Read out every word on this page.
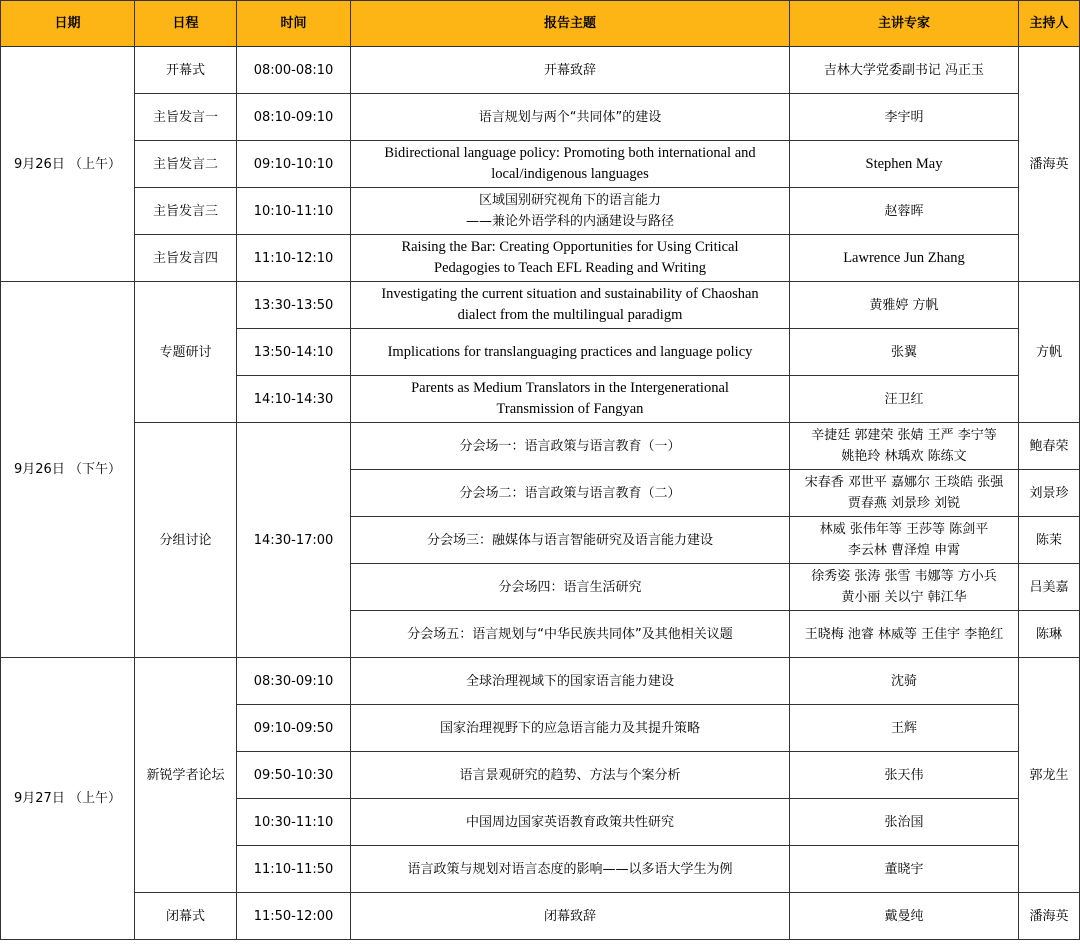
日期	日程	时间	报告主题	主讲专家	主持人
9月26日 （上午）	开幕式	08:00-08:10	开幕致辞	吉林大学党委副书记 冯正玉	潘海英
	主旨发言一	08:10-09:10	语言规划与两个“共同体”的建设	李宇明	
	主旨发言二	09:10-10:10	Bidirectional language policy: Promoting both international and
local/indigenous languages	Stephen May	
	主旨发言三	10:10-11:10	区域国别研究视角下的语言能力
——兼论外语学科的内涵建设与路径	赵蓉晖	
	主旨发言四	11:10-12:10	Raising the Bar: Creating Opportunities for Using Critical
Pedagogies to Teach EFL Reading and Writing	Lawrence Jun Zhang	
9月26日 （下午）	专题研讨	13:30-13:50	Investigating the current situation and sustainability of Chaoshan
dialect from the multilingual paradigm	黄雅婷 方帆	方帆
		13:50-14:10	Implications for translanguaging practices and language policy	张翼	
		14:10-14:30	Parents as Medium Translators in the Intergenerational
Transmission of Fangyan	汪卫红	
	分组讨论	14:30-17:00	分会场一：语言政策与语言教育（一）	辛捷廷 郭建荣 张婧 王严 李宁等
姚艳玲 林瑀欢 陈练文	鲍春荣
			分会场二：语言政策与语言教育（二）	宋春香 邓世平 嘉娜尔 王琰皓 张强
贾春燕 刘景珍 刘锐	刘景珍
			分会场三：融媒体与语言智能研究及语言能力建设	林威 张伟年等 王莎等 陈剑平
李云林 曹泽煌 申霄	陈茉
			分会场四：语言生活研究	徐秀姿 张涛 张雪 韦娜等 方小兵
黄小丽 关以宁 韩江华	吕美嘉
			分会场五：语言规划与“中华民族共同体”及其他相关议题	王晓梅 池睿 林威等 王佳宇 李艳红	陈琳
9月27日 （上午）	新锐学者论坛	08:30-09:10	全球治理视域下的国家语言能力建设	沈骑	郭龙生
		09:10-09:50	国家治理视野下的应急语言能力及其提升策略	王辉	
		09:50-10:30	语言景观研究的趋势、方法与个案分析	张天伟	
		10:30-11:10	中国周边国家英语教育政策共性研究	张治国	
		11:10-11:50	语言政策与规划对语言态度的影响——以多语大学生为例	董晓宇	
	闭幕式	11:50-12:00	闭幕致辞	戴曼纯	潘海英
